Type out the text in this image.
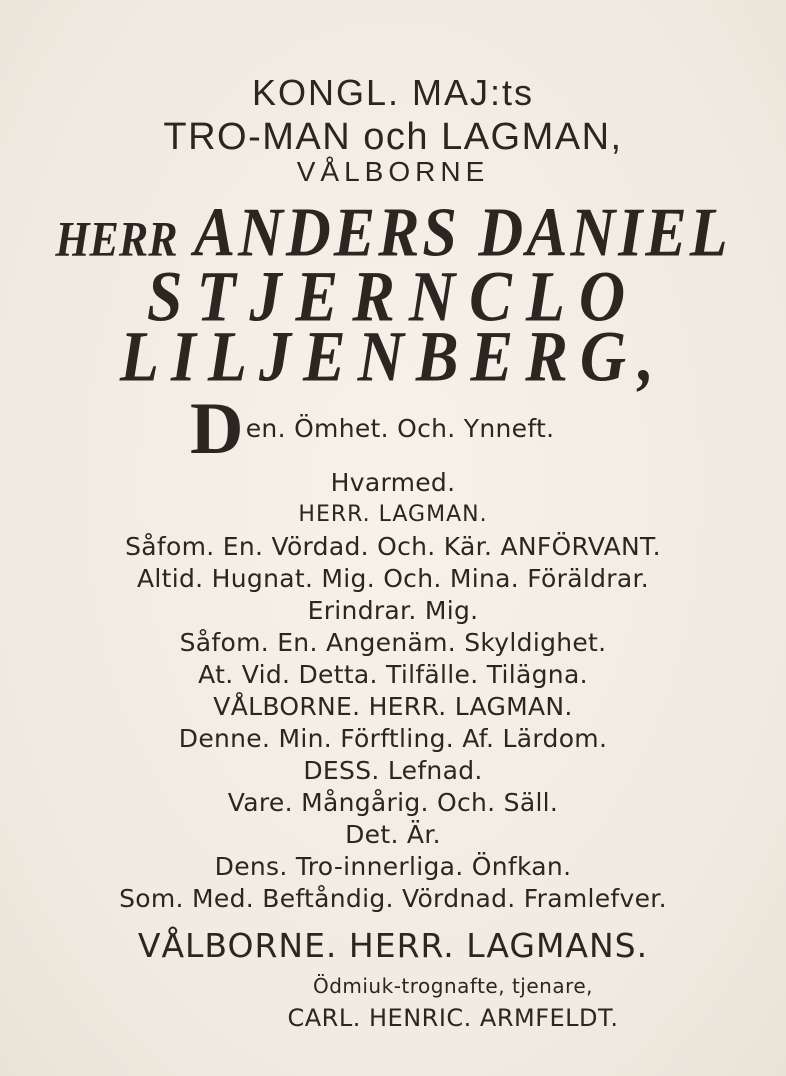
KONGL. MAJ:ts
TRO-MAN och LAGMAN,
VÅLBORNE
HERR ANDERS DANIEL
STJERNCLO
LILJENBERG,
Den. Ömhet. Och. Ynneft.
Hvarmed.
HERR. LAGMAN.
Såfom. En. Vördad. Och. Kär. ANFÖRVANT.
Altid. Hugnat. Mig. Och. Mina. Föräldrar.
Erindrar. Mig.
Såfom. En. Angenäm. Skyldighet.
At. Vid. Detta. Tilfälle. Tilägna.
VÅLBORNE. HERR. LAGMAN.
Denne. Min. Förftling. Af. Lärdom.
DESS. Lefnad.
Vare. Mångårig. Och. Säll.
Det. Är.
Dens. Tro-innerliga. Önfkan.
Som. Med. Beftåndig. Vördnad. Framlefver.
VÅLBORNE. HERR. LAGMANS.
Ödmiuk-trognafte, tjenare,
CARL. HENRIC. ARMFELDT.
